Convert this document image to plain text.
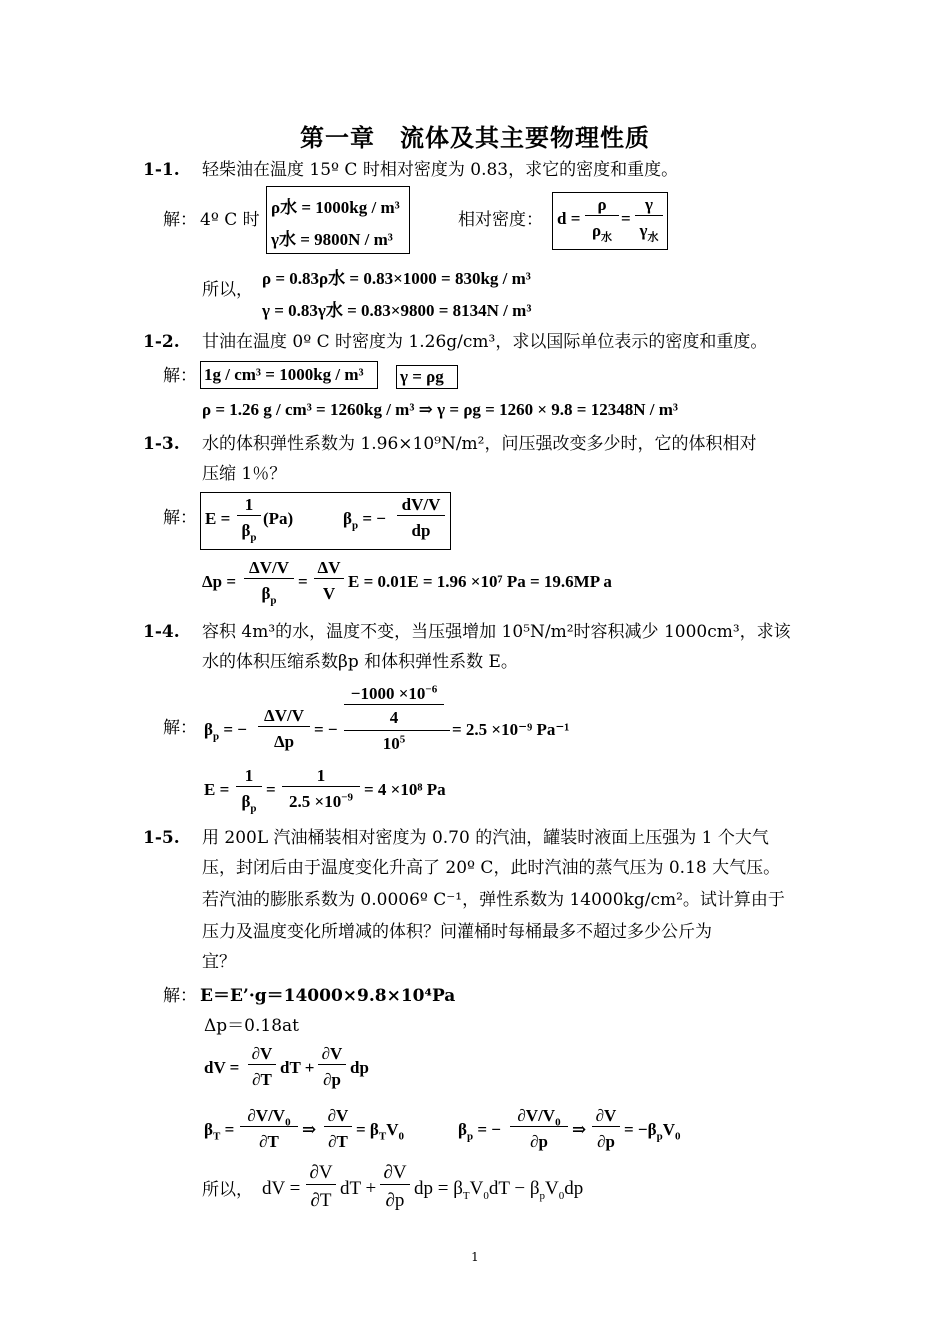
第一章　流体及其主要物理性质
1-1. 轻柴油在温度 15º C 时相对密度为 0.83，求它的密度和重度。
解： 4º C 时
ρ水 = 1000kg / m³
γ水 = 9800N / m³
相对密度： d =
ρ
$\rho_水$
=
γ
$\gamma_水$
所以，
ρ = 0.83ρ水 = 0.83×1000 = 830kg / m³
γ = 0.83γ水 = 0.83×9800 = 8134N / m³
1-2. 甘油在温度 0º C 时密度为 1.26g/cm³，求以国际单位表示的密度和重度。
解： 1g / cm³ = 1000kg / m³ γ = ρg
ρ = 1.26 g / cm³ = 1260kg / m³ ⇒ γ = ρg = 1260 × 9.8 = 12348N / m³
1-3. 水的体积弹性系数为 1.96×10⁹N/m²，问压强改变多少时，它的体积相对
压缩 1％？
解： E =
1
$\beta_p$
(Pa)	$\beta_p$ = −
dV/V
dp
Δp =
ΔV/V
$\beta_p$
=
ΔV
V
E = 0.01E = 1.96 ×10⁷ Pa = 19.6MP a
1-4. 容积 4m³的水，温度不变，当压强增加 10⁵N/m²时容积减少 1000cm³，求该
水的体积压缩系数βp 和体积弹性系数 E。
解： $\beta_p$ = −
ΔV/V
Δp
= −
$-1000 \times 10^{-6}$
4
$10^5$
= 2.5 ×10⁻⁹ Pa⁻¹
E =
1
$\beta_p$
=
1
$2.5 \times 10^{-9} = 4 \times 10^8$ Pa
1-5. 用 200L 汽油桶装相对密度为 0.70 的汽油，罐装时液面上压强为 1 个大气
压，封闭后由于温度变化升高了 20º C，此时汽油的蒸气压为 0.18 大气压。
若汽油的膨胀系数为 0.0006º C⁻¹，弹性系数为 14000kg/cm²。试计算由于
压力及温度变化所增减的体积？问灌桶时每桶最多不超过多少公斤为
宜？
解： E＝E’·g＝14000×9.8×10⁴Pa
Δp＝0.18at
dV =
∂V
∂T
dT +
∂V
∂p
dp
$\beta_T$ =
$\partial V/V_0$
∂T
⇒
∂V
∂T
= $\beta_TV_0$	$\beta_p$ = −
$\partial V/V_0$
∂p
⇒
∂V
∂p
= $-\beta_pV_0$
所以， dV =
∂V
∂T
dT +
∂V
∂p
dp = $\beta_TV_0dT - \beta_pV_0dp$
1
